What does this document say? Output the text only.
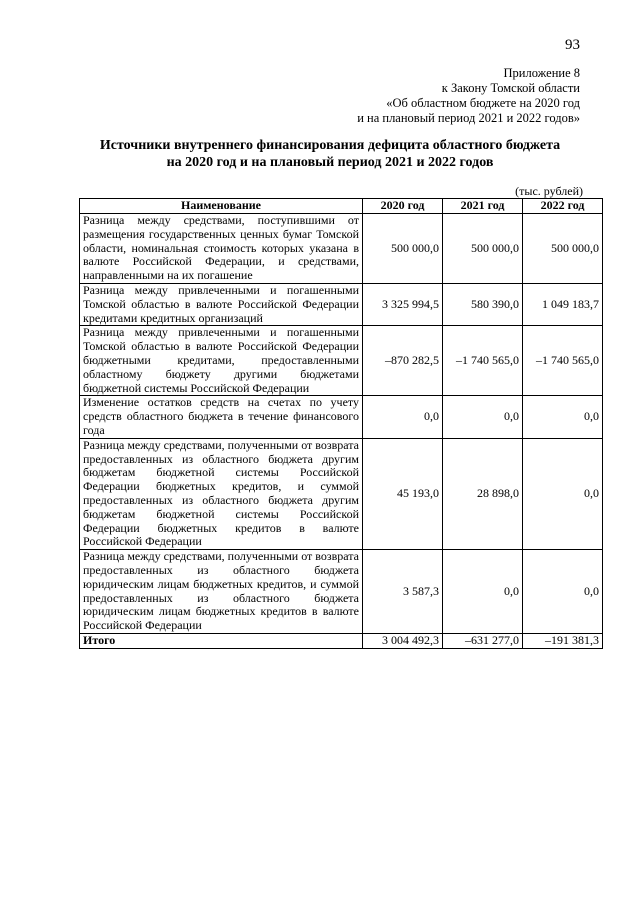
93
Приложение 8
к Закону Томской области
«Об областном бюджете на 2020 год
и на плановый период 2021 и 2022 годов»
Источники внутреннего финансирования дефицита областного бюджета
на 2020 год и на плановый период 2021 и 2022 годов
(тыс. рублей)
Наименование	2020 год	2021 год	2022 год
Разница между средствами, поступившими от размещения государственных ценных бумаг Томской области, номинальная стоимость которых указана в валюте Российской Федерации, и средствами, направленными на их погашение	500 000,0	500 000,0	500 000,0
Разница между привлеченными и погашенными Томской областью в валюте Российской Федерации кредитами кредитных организаций	3 325 994,5	580 390,0	1 049 183,7
Разница между привлеченными и погашенными Томской областью в валюте Российской Федерации бюджетными кредитами, предоставленными областному бюджету другими бюджетами бюджетной системы Российской Федерации	–870 282,5	–1 740 565,0	–1 740 565,0
Изменение остатков средств на счетах по учету средств областного бюджета в течение финансового года	0,0	0,0	0,0
Разница между средствами, полученными от возврата предоставленных из областного бюджета другим бюджетам бюджетной системы Российской Федерации бюджетных кредитов, и суммой предоставленных из областного бюджета другим бюджетам бюджетной системы Российской Федерации бюджетных кредитов в валюте Российской Федерации	45 193,0	28 898,0	0,0
Разница между средствами, полученными от возврата предоставленных из областного бюджета юридическим лицам бюджетных кредитов, и суммой предоставленных из областного бюджета юридическим лицам бюджетных кредитов в валюте Российской Федерации	3 587,3	0,0	0,0
Итого	3 004 492,3	–631 277,0	–191 381,3
